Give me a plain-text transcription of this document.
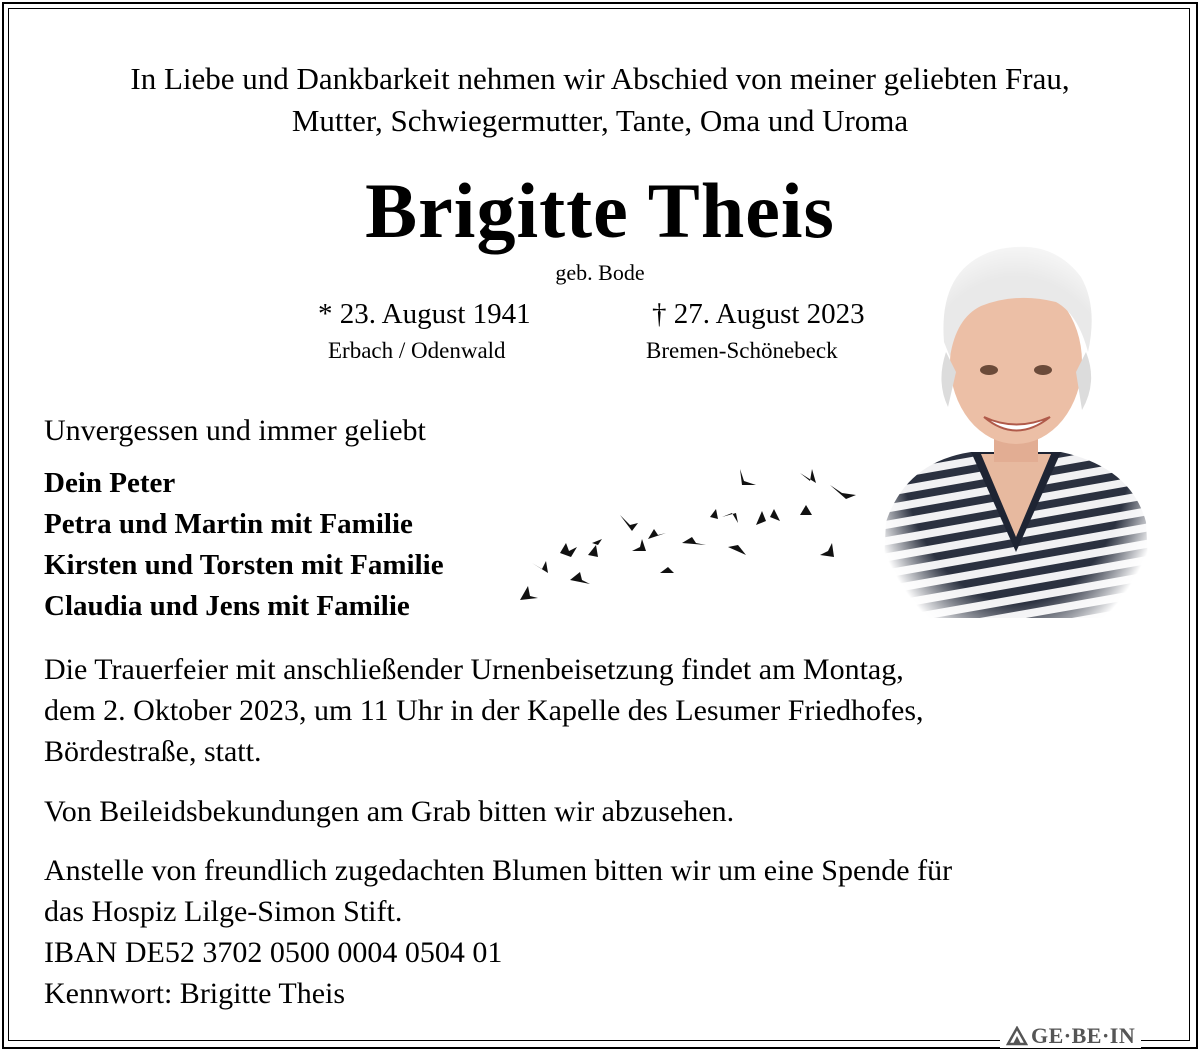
In Liebe und Dankbarkeit nehmen wir Abschied von meiner geliebten Frau,
Mutter, Schwiegermutter, Tante, Oma und Uroma
Brigitte Theis
geb. Bode
* 23. August 1941	† 27. August 2023
Erbach / Odenwald	Bremen-Schönebeck
Unvergessen und immer geliebt
Dein Peter
Petra und Martin mit Familie
Kirsten und Torsten mit Familie
Claudia und Jens mit Familie

Die Trauerfeier mit anschließender Urnenbeisetzung findet am Montag,
dem 2. Oktober 2023, um 11 Uhr in der Kapelle des Lesumer Friedhofes,
Bördestraße, statt.

Von Beileidsbekundungen am Grab bitten wir abzusehen.

Anstelle von freundlich zugedachten Blumen bitten wir um eine Spende für
das Hospiz Lilge-Simon Stift.
IBAN DE52 3702 0500 0004 0504 01
Kennwort: Brigitte Theis

GE·BE·IN
